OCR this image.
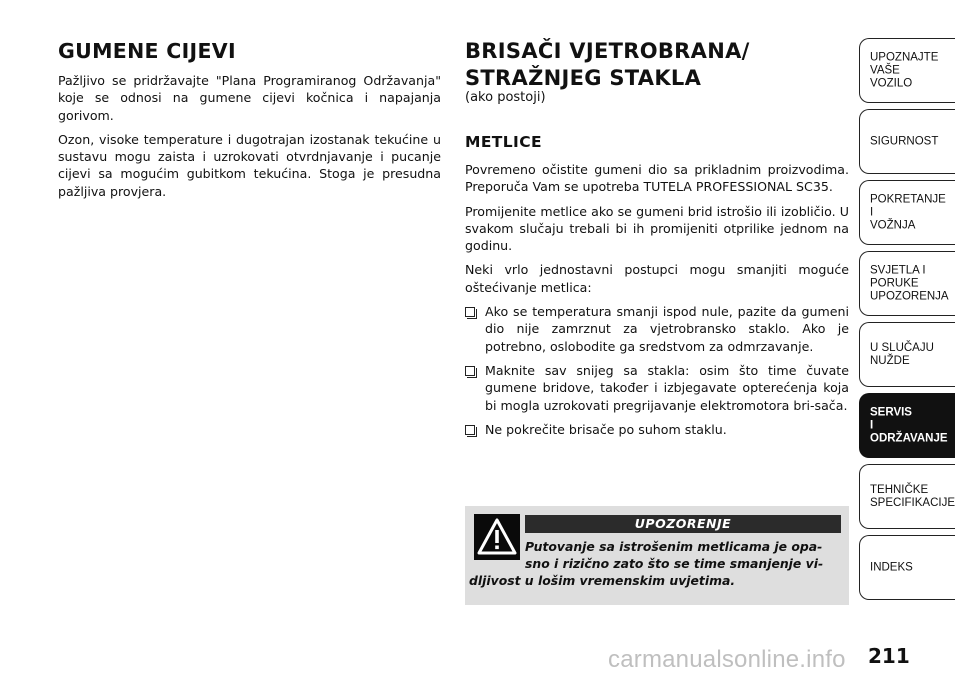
GUMENE CIJEVI

Pažljivo se pridržavajte "Plana Programiranog Održavanja" koje se odnosi na gumene cijevi kočnica i napajanja gorivom.

Ozon, visoke temperature i dugotrajan izostanak tekućine u sustavu mogu zaista i uzrokovati otvrdnjavanje i pucanje cijevi sa mogućim gubitkom tekućina. Stoga je presudna pažljiva provjera.

BRISAČI VJETROBRANA/
STRAŽNJEG STAKLA
(ako postoji)
METLICE

Povremeno očistite gumeni dio sa prikladnim proizvodima. Preporuča Vam se upotreba TUTELA PROFESSIONAL SC35.

Promijenite metlice ako se gumeni brid istrošio ili izobličio. U svakom slučaju trebali bi ih promijeniti otprilike jednom na godinu.

Neki vrlo jednostavni postupci mogu smanjiti moguće oštećivanje metlica:

Ako se temperatura smanji ispod nule, pazite da gumeni dio nije zamrznut za vjetrobransko staklo. Ako je potrebno, oslobodite ga sredstvom za odmrzavanje.
Maknite sav snijeg sa stakla: osim što time čuvate gumene bridove, također i izbjegavate opterećenja koja bi mogla uzrokovati pregrijavanje elektromotora bri-sača.
Ne pokrečite brisače po suhom staklu.
UPOZORENJE
Putovanje sa istrošenim metlicama je opa-
sno i rizično zato što se time smanjenje vi-
dljivost u lošim vremenskim uvjetima.
UPOZNAJTE
VAŠE
VOZILO
SIGURNOST
POKRETANJE
I
VOŽNJA
SVJETLA I
PORUKE
UPOZORENJA
U SLUČAJU
NUŽDE
SERVIS
I
ODRŽAVANJE
TEHNIČKE
SPECIFIKACIJE
INDEKS
carmanualsonline.info 211
